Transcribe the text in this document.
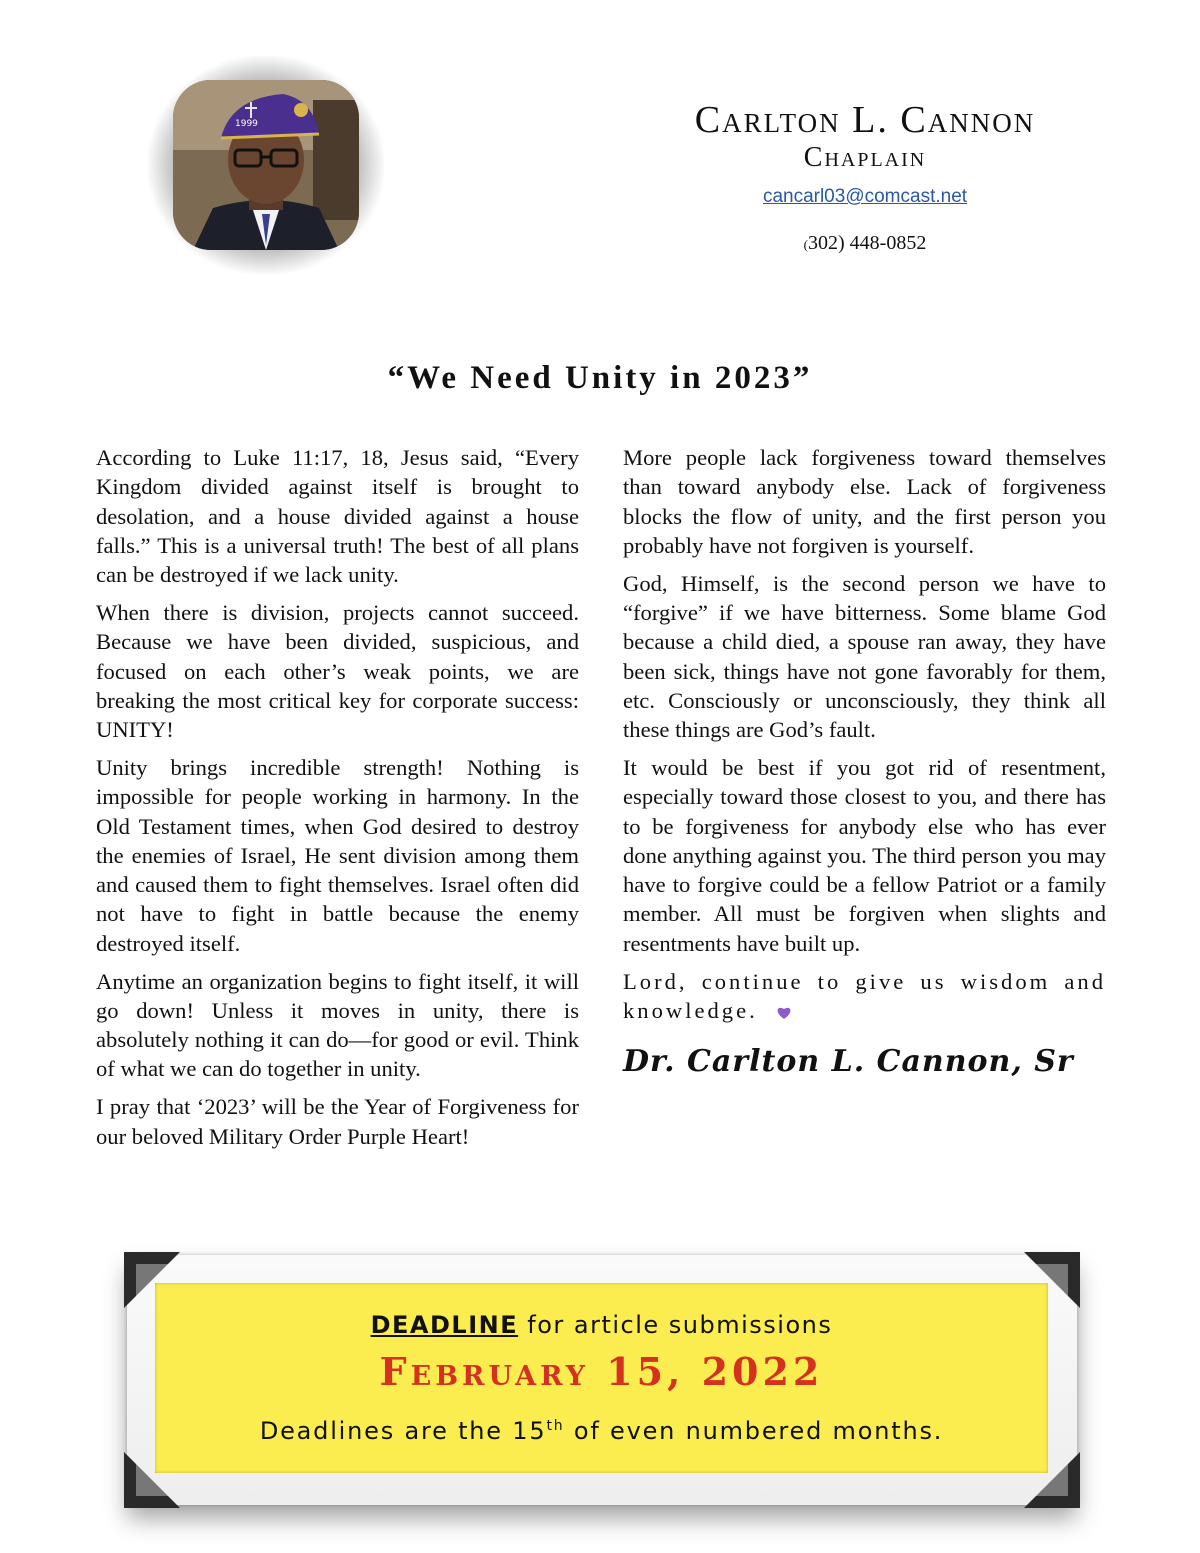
1999	Carlton L. Cannon
Chaplain
cancarl03@comcast.net
(302) 448-0852
“We Need Unity in 2023”

According to Luke 11:17, 18, Jesus said, “Every Kingdom divided against itself is brought to desolation, and a house divided against a house falls.” This is a universal truth! The best of all plans can be destroyed if we lack unity.

When there is division, projects cannot succeed. Because we have been divided, suspicious, and focused on each other’s weak points, we are breaking the most critical key for corporate success: UNITY!

Unity brings incredible strength! Nothing is impossible for people working in harmony. In the Old Testament times, when God desired to destroy the enemies of Israel, He sent division among them and caused them to fight themselves. Israel often did not have to fight in battle because the enemy destroyed itself.

Anytime an organization begins to fight itself, it will go down! Unless it moves in unity, there is absolutely nothing it can do—for good or evil. Think of what we can do together in unity.

I pray that ‘2023’ will be the Year of Forgiveness for our beloved Military Order Purple Heart!

More people lack forgiveness toward themselves than toward anybody else. Lack of forgiveness blocks the flow of unity, and the first person you probably have not forgiven is yourself.

God, Himself, is the second person we have to “forgive” if we have bitterness. Some blame God because a child died, a spouse ran away, they have been sick, things have not gone favorably for them, etc. Consciously or unconsciously, they think all these things are God’s fault.

It would be best if you got rid of resentment, especially toward those closest to you, and there has to be forgiveness for anybody else who has ever done anything against you. The third person you may have to forgive could be a fellow Patriot or a family member. All must be forgiven when slights and resentments have built up.

Lord, continue to give us wisdom and knowledge.

Dr. Carlton L. Cannon, Sr
DEADLINE for article submissions
February 15, 2022
Deadlines are the 15th of even numbered months.
